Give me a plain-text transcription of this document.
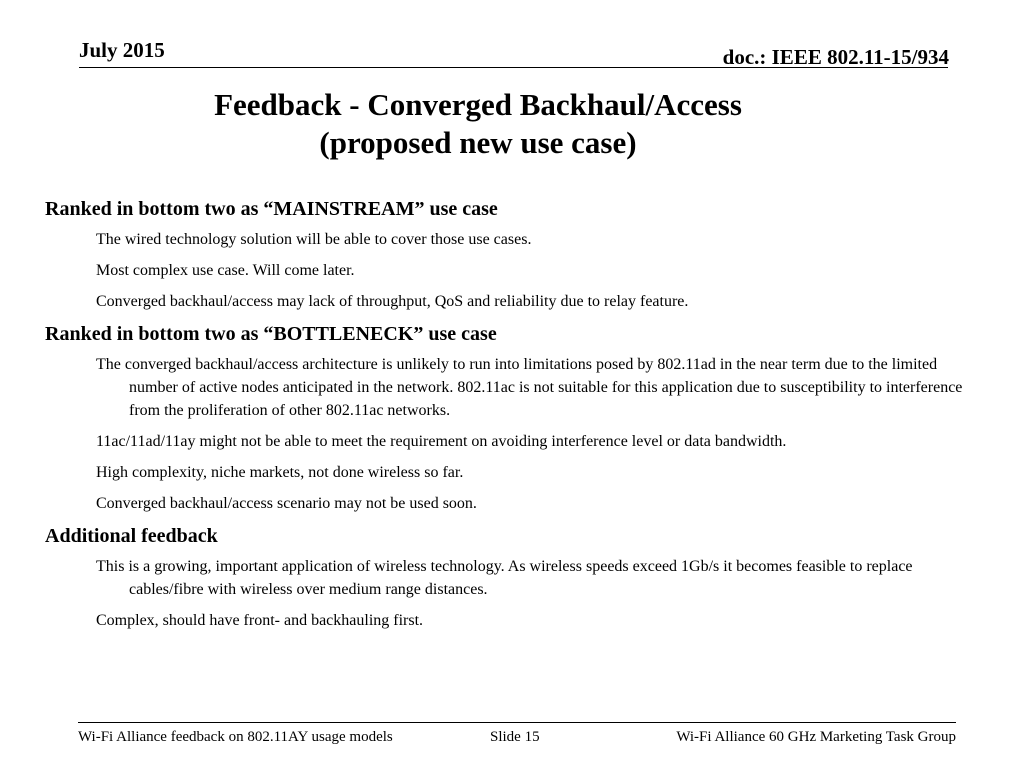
July 2015	doc.: IEEE 802.11-15/934
Feedback - Converged Backhaul/Access
(proposed new use case)
Ranked in bottom two as “MAINSTREAM” use case
The wired technology solution will be able to cover those use cases.
Most complex use case. Will come later.
Converged backhaul/access may lack of throughput, QoS and reliability due to relay feature.
Ranked in bottom two as “BOTTLENECK” use case
The converged backhaul/access architecture is unlikely to run into limitations posed by 802.11ad in the near term due to the limited number of active nodes anticipated in the network. 802.11ac is not suitable for this application due to susceptibility to interference from the proliferation of other 802.11ac networks.
11ac/11ad/11ay might not be able to meet the requirement on avoiding interference level or data bandwidth.
High complexity, niche markets, not done wireless so far.
Converged backhaul/access scenario may not be used soon.
Additional feedback
This is a growing, important application of wireless technology. As wireless speeds exceed 1Gb/s it becomes feasible to replace cables/fibre with wireless over medium range distances.
Complex, should have front- and backhauling first.
Wi-Fi Alliance feedback on 802.11AY usage models	Slide 15	Wi-Fi Alliance 60 GHz Marketing Task Group
